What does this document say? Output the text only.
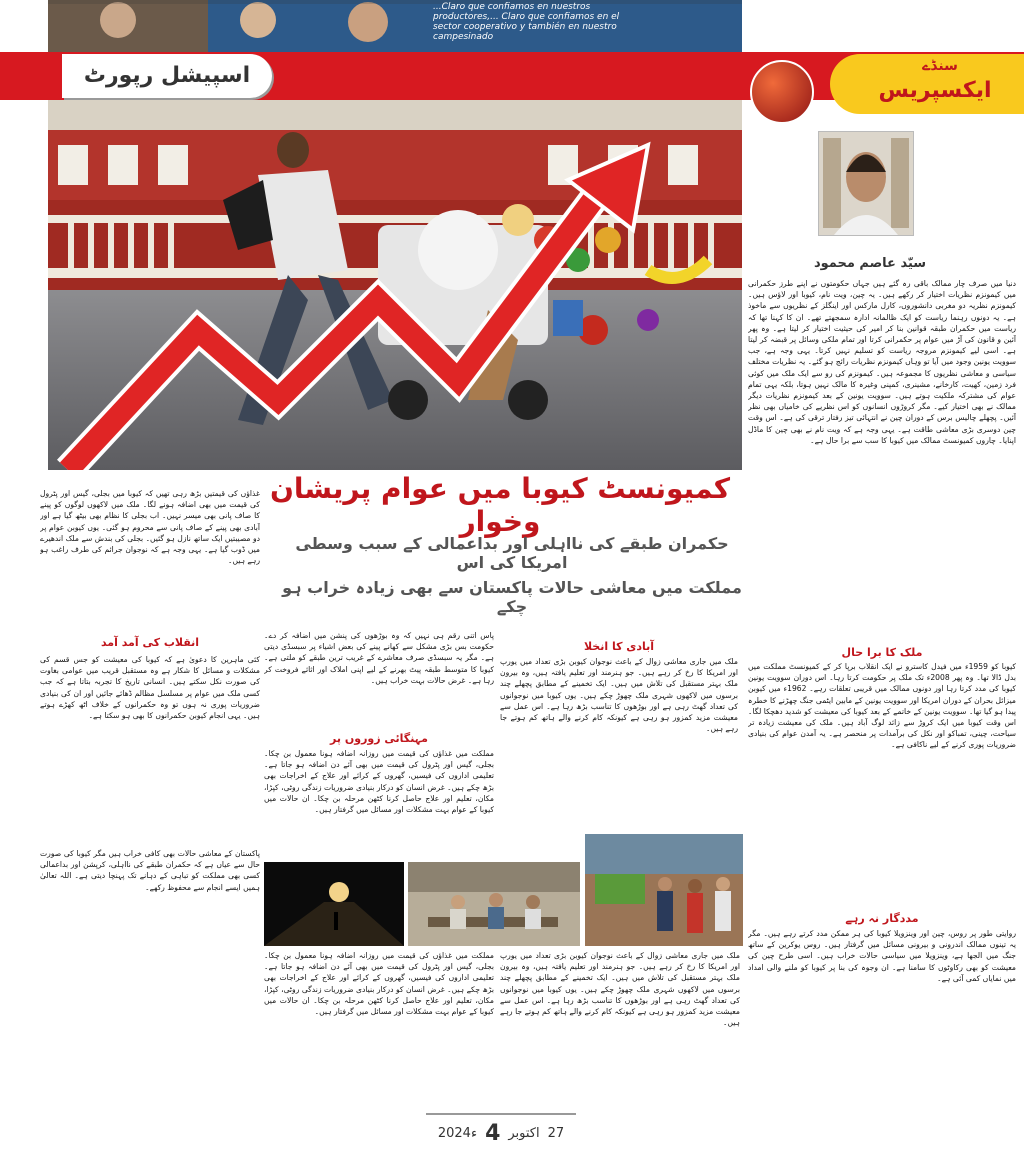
...Claro que confiamos en nuestros productores,... Claro que confiamos en el sector cooperativo y también en nuestro campesinado
اسپیشل رپورٹ	سنڈے
ایکسپریس
سیّد عاصم محمود
کمیونسٹ کیوبا میں عوام پریشان وخوار
حکمران طبقے کی نااہلی اور بداعمالی کے سبب وسطی امریکا کی اس
مملکت میں معاشی حالات پاکستان سے بھی زیادہ خراب ہو چکے
دنیا میں صرف چار ممالک باقی رہ گئے ہیں جہاں حکومتوں نے اپنے طرز حکمرانی میں کیمونزم نظریات اختیار کر رکھے ہیں۔ یہ چین، ویت نام، کیوبا اور لاؤس ہیں۔ کیمونزم نظریہ دو مغربی دانشوروں، کارل مارکس اور اینگلز کے نظریوں سے ماخوذ ہے۔ یہ دونوں رہنما ریاست کو ایک ظالمانہ ادارہ سمجھتے تھے۔ ان کا کہنا تھا کہ ریاست میں حکمران طبقہ قوانین بنا کر امیر کی حیثیت اختیار کر لیتا ہے۔ وہ پھر آئین و قانون کی آڑ میں عوام پر حکمرانی کرتا اور تمام ملکی وسائل پر قبضہ کر لیتا ہے۔ اسی لیے کیمونزم مروجہ ریاست کو تسلیم نہیں کرتا۔ یہی وجہ ہے، جب سوویت یونین وجود میں آیا تو وہاں کیمونزم نظریات رائج ہو گئے۔ یہ نظریات مختلف سیاسی و معاشی نظریوں کا مجموعہ ہیں۔ کیمونزم کی رو سے ایک ملک میں کوئی فرد زمین، کھیت، کارخانے، مشینری، کمپنی وغیرہ کا مالک نہیں ہوتا، بلکہ یہی تمام عوام کی مشترکہ ملکیت ہوتے ہیں۔ سوویت یونین کے بعد کیمونزم نظریات دیگر ممالک نے بھی اختیار کیے۔ مگر کروڑوں انسانوں کو اس نظریے کی خامیاں بھی نظر آئیں۔ پچھلے چالیس برس کے دوران چین نے انتہائی تیز رفتار ترقی کی ہے۔ اس وقت چین دوسری بڑی معاشی طاقت ہے۔ یہی وجہ ہے کہ ویت نام نے بھی چین کا ماڈل اپنایا۔ چاروں کمیونسٹ ممالک میں کیوبا کا سب سے برا حال ہے۔
ملک کا برا حال
کیوبا کو 1959ء میں فیدل کاسترو نے ایک انقلاب برپا کر کے کمیونسٹ مملکت میں بدل ڈالا تھا۔ وہ پھر 2008ء تک ملک پر حکومت کرتا رہا۔ اس دوران سوویت یونین کیوبا کی مدد کرتا رہا اور دونوں ممالک میں قریبی تعلقات رہے۔ 1962ء میں کیوبن میزائل بحران کے دوران امریکا اور سوویت یونین کے مابین ایٹمی جنگ چھڑنے کا خطرہ پیدا ہو گیا تھا۔ سوویت یونین کے خاتمے کے بعد کیوبا کی معیشت کو شدید دھچکا لگا۔ اس وقت کیوبا میں ایک کروڑ سے زائد لوگ آباد ہیں۔ ملک کی معیشت زیادہ تر سیاحت، چینی، تمباکو اور نکل کی برآمدات پر منحصر ہے۔ یہ آمدن عوام کی بنیادی ضروریات پوری کرنے کے لیے ناکافی ہے۔
مددگار نہ رہے
روایتی طور پر روس، چین اور وینزویلا کیوبا کی ہر ممکن مدد کرتے رہے ہیں۔ مگر یہ تینوں ممالک اندرونی و بیرونی مسائل میں گرفتار ہیں۔ روس یوکرین کے ساتھ جنگ میں الجھا ہے، وینزویلا میں سیاسی حالات خراب ہیں۔ اسی طرح چین کی معیشت کو بھی رکاوٹوں کا سامنا ہے۔ ان وجوہ کی بنا پر کیوبا کو ملنے والی امداد میں نمایاں کمی آئی ہے۔
آبادی کا انخلا
ملک میں جاری معاشی زوال کے باعث نوجوان کیوبن بڑی تعداد میں یورپ اور امریکا کا رخ کر رہے ہیں۔ جو ہنرمند اور تعلیم یافتہ ہیں، وہ بیرون ملک بہتر مستقبل کی تلاش میں ہیں۔ ایک تخمینے کے مطابق پچھلے چند برسوں میں لاکھوں شہری ملک چھوڑ چکے ہیں۔ یوں کیوبا میں نوجوانوں کی تعداد گھٹ رہی ہے اور بوڑھوں کا تناسب بڑھ رہا ہے۔ اس عمل سے معیشت مزید کمزور ہو رہی ہے کیونکہ کام کرنے والے ہاتھ کم ہوتے جا رہے ہیں۔
پاس اتنی رقم ہی نہیں کہ وہ بوڑھوں کی پنشن میں اضافہ کر دے۔ حکومت بس بڑی مشکل سے کھانے پینے کی بعض اشیاء پر سبسڈی دیتی ہے۔ مگر یہ سبسڈی صرف معاشرے کے غریب ترین طبقے کو ملتی ہے۔ کیوبا کا متوسط طبقہ پیٹ بھرنے کے لیے اپنی املاک اور اثاثے فروخت کر رہا ہے۔ غرض حالات بہت خراب ہیں۔
مہنگائی زوروں پر
مملکت میں غذاؤں کی قیمت میں روزانہ اضافہ ہونا معمول بن چکا۔ بجلی، گیس اور پٹرول کی قیمت میں بھی آئے دن اضافہ ہو جاتا ہے۔ تعلیمی اداروں کی فیسیں، گھروں کے کرائے اور علاج کے اخراجات بھی بڑھ چکے ہیں۔ غرض انسان کو درکار بنیادی ضروریات زندگی روٹی، کپڑا، مکان، تعلیم اور علاج حاصل کرنا کٹھن مرحلہ بن چکا۔ ان حالات میں کیوبا کے عوام بہت مشکلات اور مسائل میں گرفتار ہیں۔
غذاؤں کی قیمتیں بڑھ رہی تھیں کہ کیوبا میں بجلی، گیس اور پٹرول کی قیمت میں بھی اضافہ ہونے لگا۔ ملک میں لاکھوں لوگوں کو پینے کا صاف پانی بھی میسر نہیں۔ اب بجلی کا نظام بھی بیٹھ گیا ہے اور آبادی بھی پینے کے صاف پانی سے محروم ہو گئی۔ یوں کیوبن عوام پر دو مصیبتیں ایک ساتھ نازل ہو گئیں۔ بجلی کی بندش سے ملک اندھیرے میں ڈوب گیا ہے۔ یہی وجہ ہے کہ نوجوان جرائم کی طرف راغب ہو رہے ہیں۔
انقلاب کی آمد آمد
کئی ماہرین کا دعویٰ ہے کہ کیوبا کی معیشت کو جس قسم کی مشکلات و مسائل کا شکار ہے وہ مستقبل قریب میں عوامی بغاوت کی صورت نکل سکتے ہیں۔ انسانی تاریخ کا تجربہ بتاتا ہے کہ جب کسی ملک میں عوام پر مسلسل مظالم ڈھائے جائیں اور ان کی بنیادی ضروریات پوری نہ ہوں تو وہ حکمرانوں کے خلاف اٹھ کھڑے ہوتے ہیں۔ یہی انجام کیوبن حکمرانوں کا بھی ہو سکتا ہے۔
پاکستان کے معاشی حالات بھی کافی خراب ہیں مگر کیوبا کی صورت حال سے عیاں ہے کہ حکمران طبقے کی نااہلی، کرپشن اور بداعمالی کسی بھی مملکت کو تباہی کے دہانے تک پہنچا دیتی ہے۔ اللہ تعالیٰ ہمیں ایسے انجام سے محفوظ رکھے۔
ملک میں جاری معاشی زوال کے باعث نوجوان کیوبن بڑی تعداد میں یورپ اور امریکا کا رخ کر رہے ہیں۔ جو ہنرمند اور تعلیم یافتہ ہیں، وہ بیرون ملک بہتر مستقبل کی تلاش میں ہیں۔ ایک تخمینے کے مطابق پچھلے چند برسوں میں لاکھوں شہری ملک چھوڑ چکے ہیں۔ یوں کیوبا میں نوجوانوں کی تعداد گھٹ رہی ہے اور بوڑھوں کا تناسب بڑھ رہا ہے۔ اس عمل سے معیشت مزید کمزور ہو رہی ہے کیونکہ کام کرنے والے ہاتھ کم ہوتے جا رہے ہیں۔
مملکت میں غذاؤں کی قیمت میں روزانہ اضافہ ہونا معمول بن چکا۔ بجلی، گیس اور پٹرول کی قیمت میں بھی آئے دن اضافہ ہو جاتا ہے۔ تعلیمی اداروں کی فیسیں، گھروں کے کرائے اور علاج کے اخراجات بھی بڑھ چکے ہیں۔ غرض انسان کو درکار بنیادی ضروریات زندگی روٹی، کپڑا، مکان، تعلیم اور علاج حاصل کرنا کٹھن مرحلہ بن چکا۔ ان حالات میں کیوبا کے عوام بہت مشکلات اور مسائل میں گرفتار ہیں۔
2024ء 4 اکتوبر 27
